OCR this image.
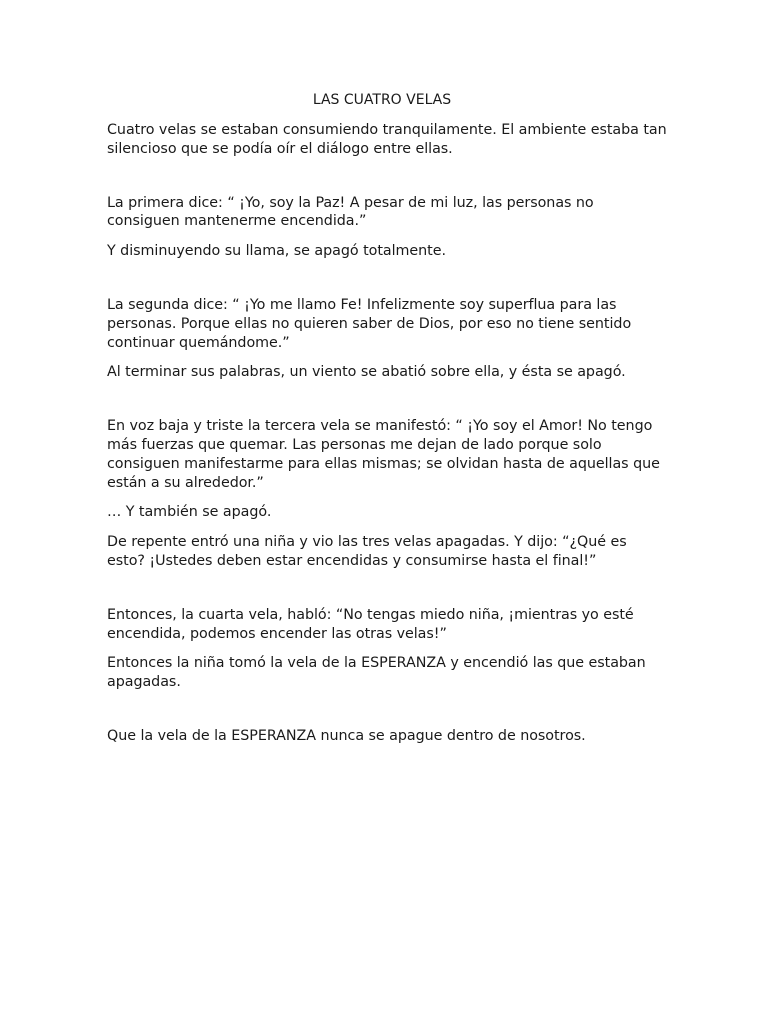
LAS CUATRO VELAS

Cuatro velas se estaban consumiendo tranquilamente. El ambiente estaba tan silencioso que se podía oír el diálogo entre ellas.

La primera dice: “ ¡Yo, soy la Paz! A pesar de mi luz, las personas no consiguen mantenerme encendida.”

Y disminuyendo su llama, se apagó totalmente.

La segunda dice: “ ¡Yo me llamo Fe! Infelizmente soy superflua para las personas. Porque ellas no quieren saber de Dios, por eso no tiene sentido continuar quemándome.”

Al terminar sus palabras, un viento se abatió sobre ella, y ésta se apagó.

En voz baja y triste la tercera vela se manifestó: “ ¡Yo soy el Amor! No tengo más fuerzas que quemar. Las personas me dejan de lado porque solo consiguen manifestarme para ellas mismas; se olvidan hasta de aquellas que están a su alrededor.”

… Y también se apagó.

De repente entró una niña y vio las tres velas apagadas. Y dijo: “¿Qué es esto? ¡Ustedes deben estar encendidas y consumirse hasta el final!”

Entonces, la cuarta vela, habló: “No tengas miedo niña, ¡mientras yo esté encendida, podemos encender las otras velas!”

Entonces la niña tomó la vela de la ESPERANZA y encendió las que estaban apagadas.

Que la vela de la ESPERANZA nunca se apague dentro de nosotros.
